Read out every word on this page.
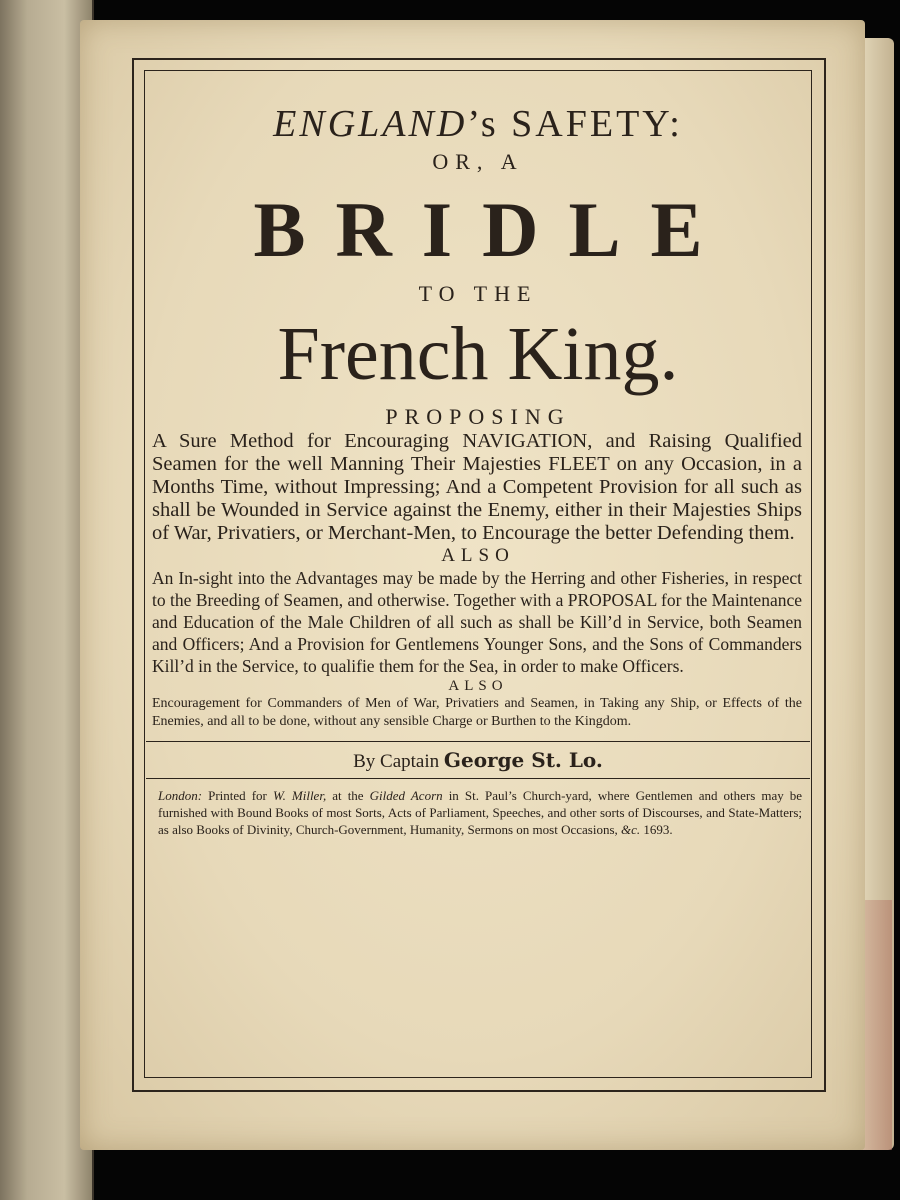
ENGLAND’s SAFETY:
OR, A
BRIDLE
TO THE
French King.
PROPOSING
A Sure Method for Encouraging NAVIGATION, and Raising Qualified Seamen for the well Manning Their Majesties FLEET on any Occasion, in a Months Time, without Impressing; And a Competent Provision for all such as shall be Wounded in Service against the Enemy, either in their Majesties Ships of War, Privatiers, or Merchant-Men, to Encourage the better Defending them.
ALSO
An In-sight into the Advantages may be made by the Herring and other Fisheries, in respect to the Breeding of Seamen, and otherwise. Together with a PROPOSAL for the Maintenance and Education of the Male Children of all such as shall be Kill’d in Service, both Seamen and Officers; And a Provision for Gentlemens Younger Sons, and the Sons of Commanders Kill’d in the Service, to qualifie them for the Sea, in order to make Officers.
ALSO
Encouragement for Commanders of Men of War, Privatiers and Seamen, in Taking any Ship, or Effects of the Enemies, and all to be done, without any sensible Charge or Burthen to the Kingdom.
By Captain George St. Lo.
London: Printed for W. Miller, at the Gilded Acorn in St. Paul’s Church-yard, where Gentlemen and others may be furnished with Bound Books of most Sorts, Acts of Parliament, Speeches, and other sorts of Discourses, and State-Matters; as also Books of Divinity, Church-Government, Humanity, Sermons on most Occasions, &c. 1693.
